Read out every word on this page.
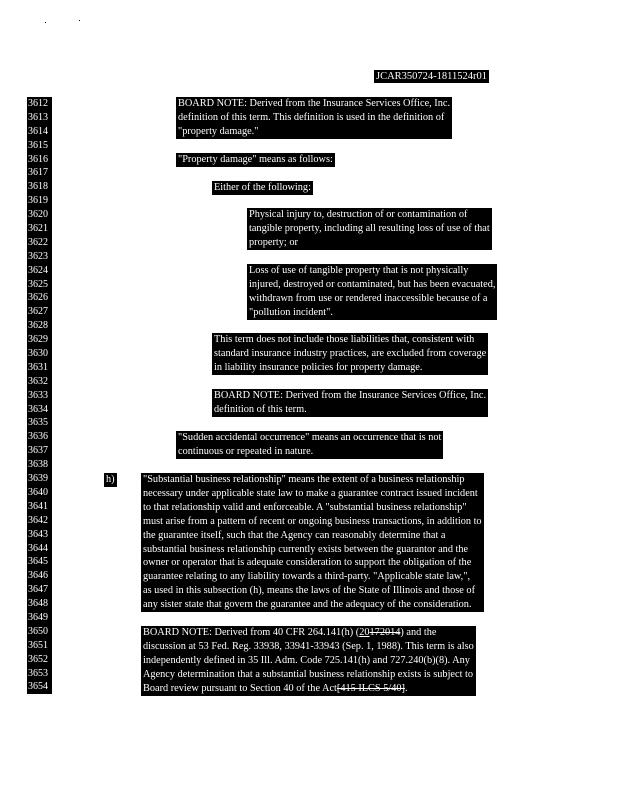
JCAR350724-1811524r01
3612
3613
3614
3615
3616
3617
3618
3619
3620
3621
3622
3623
3624
3625
3626
3627
3628
3629
3630
3631
3632
3633
3634
3635
3636
3637
3638
3639
3640
3641
3642
3643
3644
3645
3646
3647
3648
3649
3650
3651
3652
3653
3654
BOARD NOTE: Derived from the Insurance Services Office, Inc.
definition of this term. This definition is used in the definition of
"property damage."
"Property damage" means as follows:
Either of the following:
Physical injury to, destruction of or contamination of
tangible property, including all resulting loss of use of that
property; or
Loss of use of tangible property that is not physically
injured, destroyed or contaminated, but has been evacuated,
withdrawn from use or rendered inaccessible because of a
"pollution incident".
This term does not include those liabilities that, consistent with
standard insurance industry practices, are excluded from coverage
in liability insurance policies for property damage.
BOARD NOTE: Derived from the Insurance Services Office, Inc.
definition of this term.
"Sudden accidental occurrence" means an occurrence that is not
continuous or repeated in nature.
h)	"Substantial business relationship" means the extent of a business relationship
necessary under applicable state law to make a guarantee contract issued incident
to that relationship valid and enforceable. A "substantial business relationship"
must arise from a pattern of recent or ongoing business transactions, in addition to
the guarantee itself, such that the Agency can reasonably determine that a
substantial business relationship currently exists between the guarantor and the
owner or operator that is adequate consideration to support the obligation of the
guarantee relating to any liability towards a third-party. "Applicable state law,",
as used in this subsection (h), means the laws of the State of Illinois and those of
any sister state that govern the guarantee and the adequacy of the consideration.
BOARD NOTE: Derived from 40 CFR 264.141(h) (20172014) and the
discussion at 53 Fed. Reg. 33938, 33941-33943 (Sep. 1, 1988). This term is also
independently defined in 35 Ill. Adm. Code 725.141(h) and 727.240(b)(8). Any
Agency determination that a substantial business relationship exists is subject to
Board review pursuant to Section 40 of the Act[415 ILCS 5/40].
